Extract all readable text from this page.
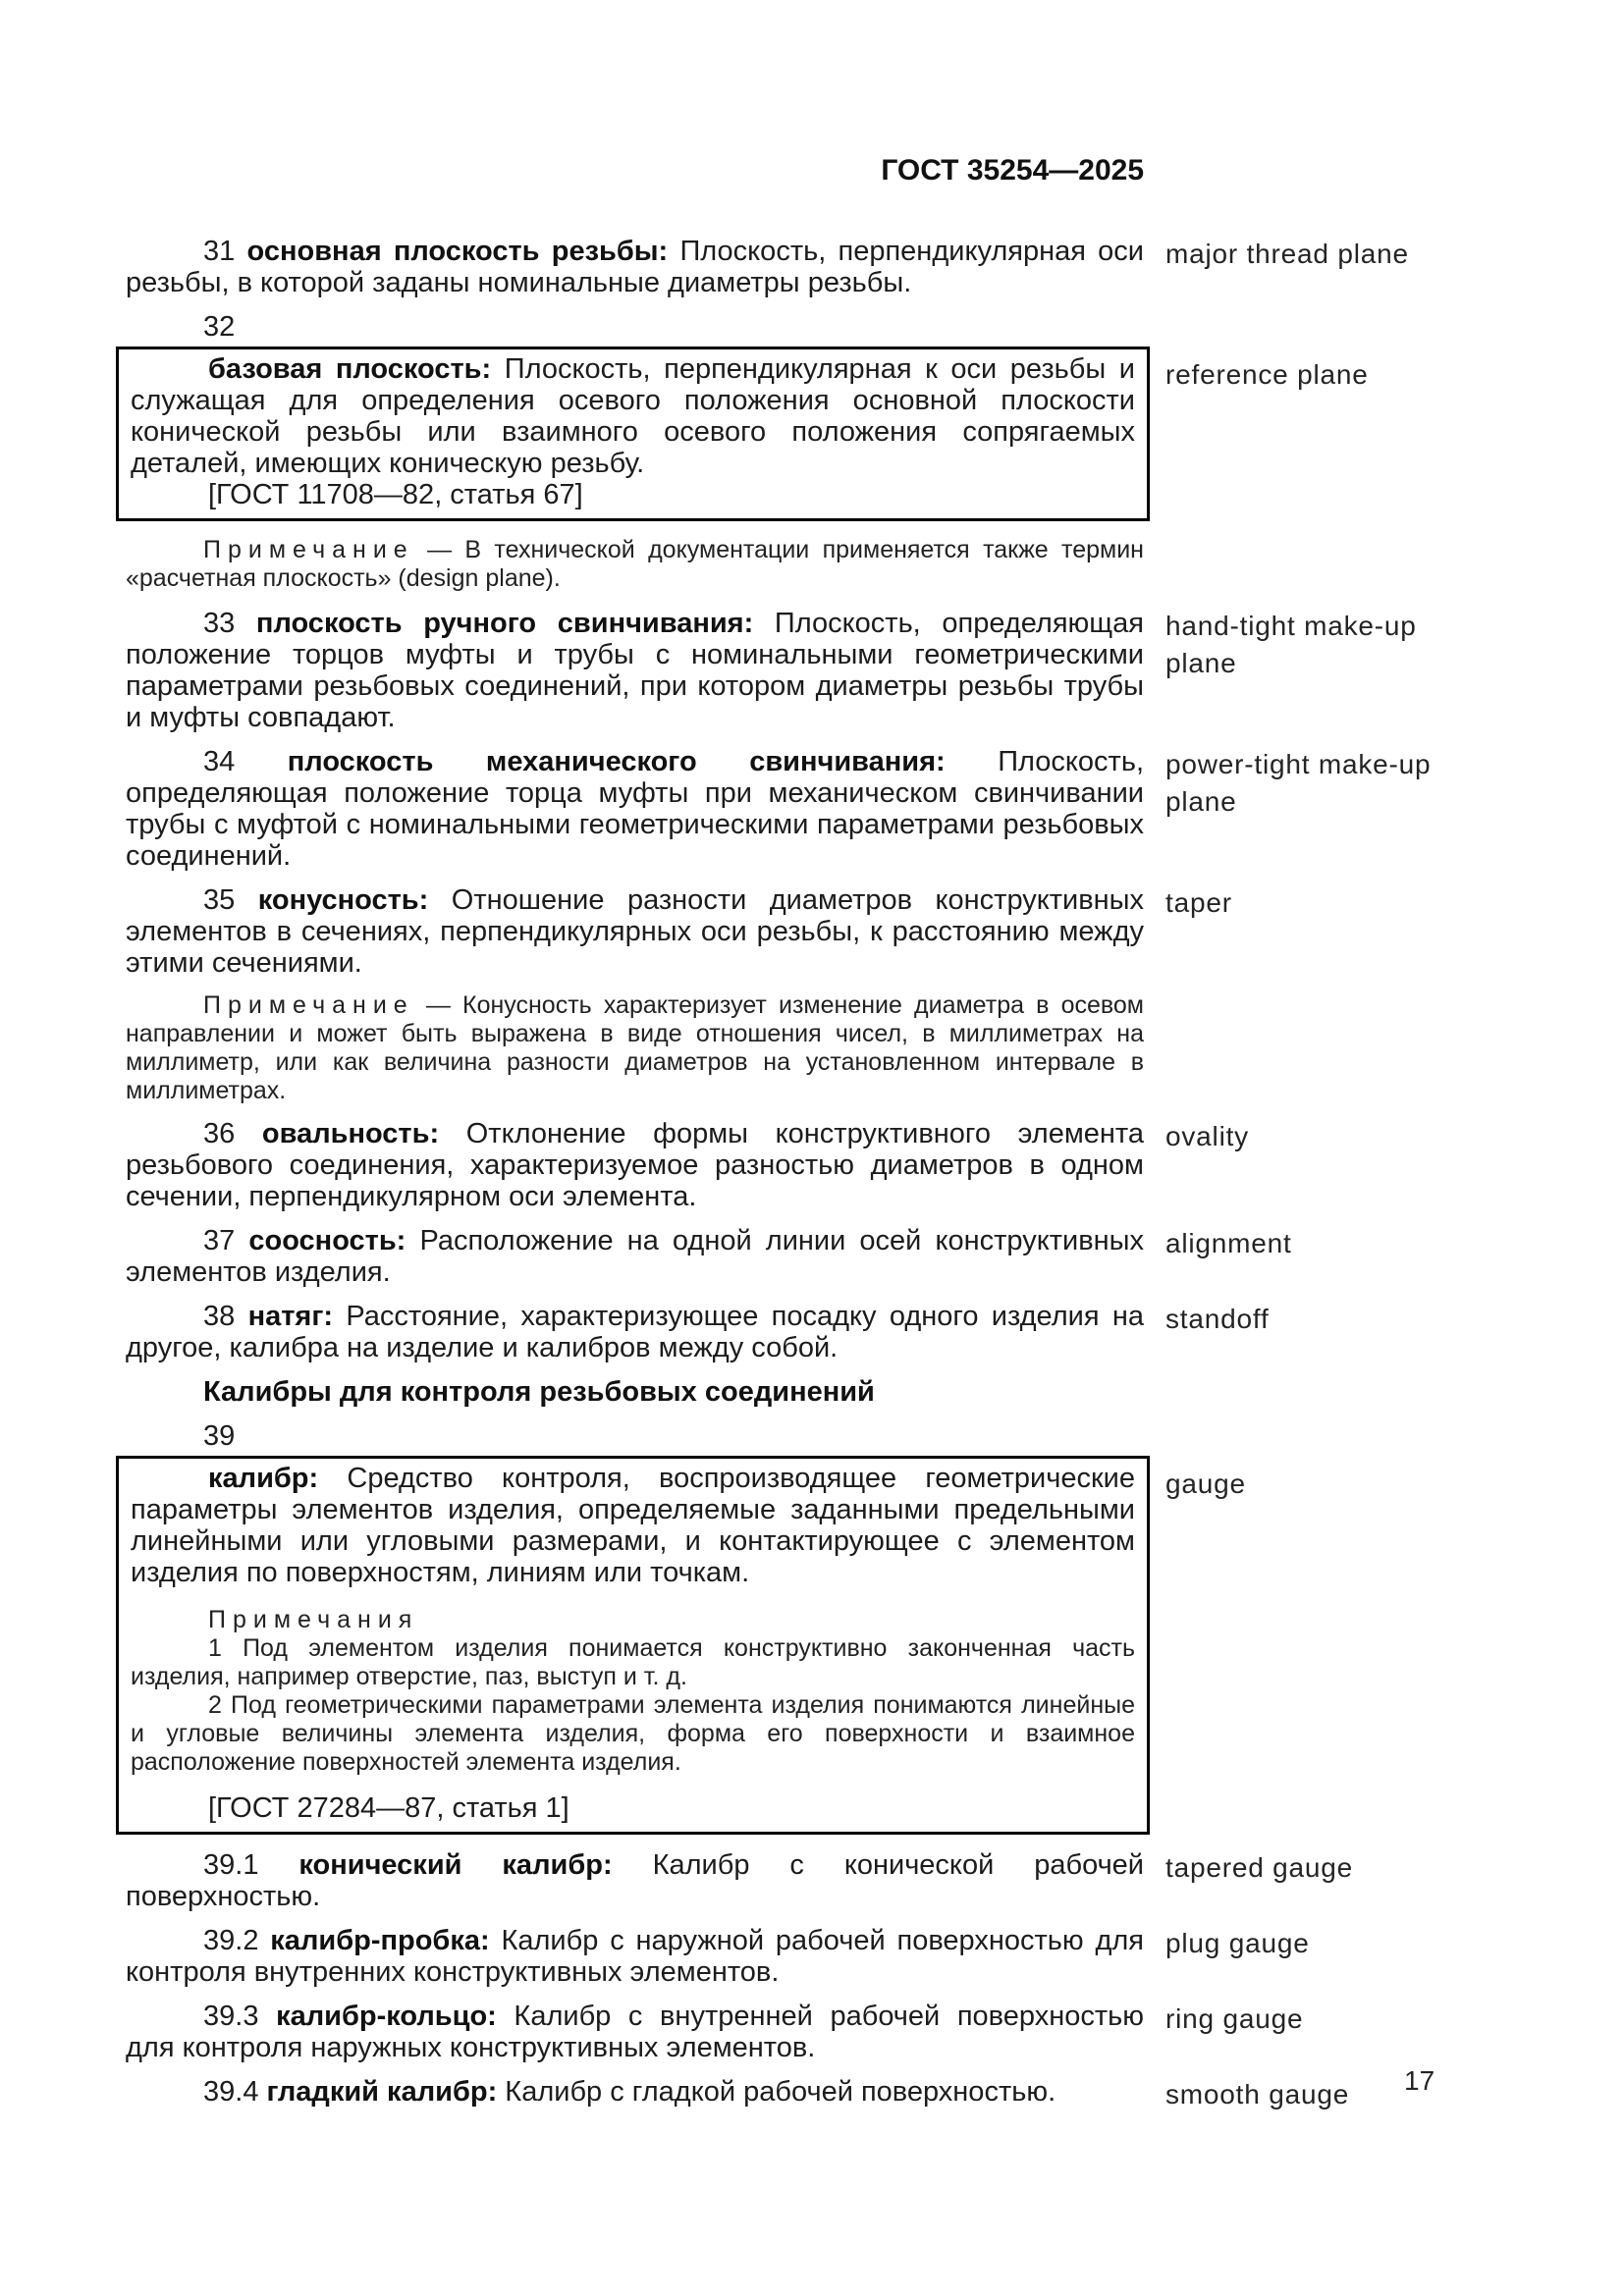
ГОСТ 35254—2025

31 основная плоскость резьбы: Плоскость, перпендикулярная оси резьбы, в которой заданы номинальные диаметры резьбы.

major thread plane

32

базовая плоскость: Плоскость, перпендикулярная к оси резьбы и служащая для определения осевого положения основной плоскости конической резьбы или взаимного осевого положения сопрягаемых деталей, имеющих коническую резьбу.

[ГОСТ 11708—82, статья 67]

reference plane

Примечание — В технической документации применяется также термин «расчетная плоскость» (design plane).

33 плоскость ручного свинчивания: Плоскость, определяющая положение торцов муфты и трубы с номинальными геометрическими параметрами резьбовых соединений, при котором диаметры резьбы трубы и муфты совпадают.

hand-tight make-up plane

34 плоскость механического свинчивания: Плоскость, определяющая положение торца муфты при механическом свинчивании трубы с муфтой с номинальными геометрическими параметрами резьбовых соединений.

power-tight make-up plane

35 конусность: Отношение разности диаметров конструктивных элементов в сечениях, перпендикулярных оси резьбы, к расстоянию между этими сечениями.

taper

Примечание — Конусность характеризует изменение диаметра в осевом направлении и может быть выражена в виде отношения чисел, в миллиметрах на миллиметр, или как величина разности диаметров на установленном интервале в миллиметрах.

36 овальность: Отклонение формы конструктивного элемента резьбового соединения, характеризуемое разностью диаметров в одном сечении, перпендикулярном оси элемента.

ovality

37 соосность: Расположение на одной линии осей конструктивных элементов изделия.

alignment

38 натяг: Расстояние, характеризующее посадку одного изделия на другое, калибра на изделие и калибров между собой.

standoff

Калибры для контроля резьбовых соединений

39

калибр: Средство контроля, воспроизводящее геометрические параметры элементов изделия, определяемые заданными предельными линейными или угловыми размерами, и контактирующее с элементом изделия по поверхностям, линиям или точкам.

Примечания

1 Под элементом изделия понимается конструктивно законченная часть изделия, например отверстие, паз, выступ и т. д.

2 Под геометрическими параметрами элемента изделия понимаются линейные и угловые величины элемента изделия, форма его поверхности и взаимное расположение поверхностей элемента изделия.

[ГОСТ 27284—87, статья 1]

gauge

39.1 конический калибр: Калибр с конической рабочей поверхностью.

tapered gauge

39.2 калибр-пробка: Калибр с наружной рабочей поверхностью для контроля внутренних конструктивных элементов.

plug gauge

39.3 калибр-кольцо: Калибр с внутренней рабочей поверхностью для контроля наружных конструктивных элементов.

ring gauge

39.4 гладкий калибр: Калибр с гладкой рабочей поверхностью.	smooth gauge	17
